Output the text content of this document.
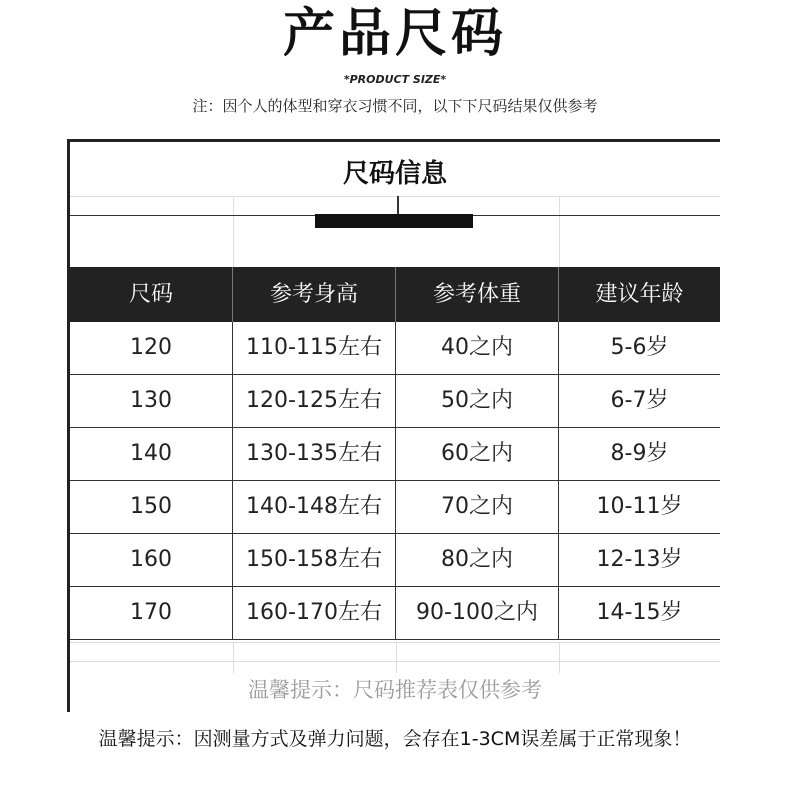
产品尺码
*PRODUCT SIZE*
注：因个人的体型和穿衣习惯不同，以下下尺码结果仅供参考
尺码信息
尺码	参考身高	参考体重	建议年龄
120	110-115左右	40之内	5-6岁
130	120-125左右	50之内	6-7岁
140	130-135左右	60之内	8-9岁
150	140-148左右	70之内	10-11岁
160	150-158左右	80之内	12-13岁
170	160-170左右	90-100之内	14-15岁
温馨提示：尺码推荐表仅供参考
温馨提示：因测量方式及弹力问题，会存在1-3CM误差属于正常现象！
